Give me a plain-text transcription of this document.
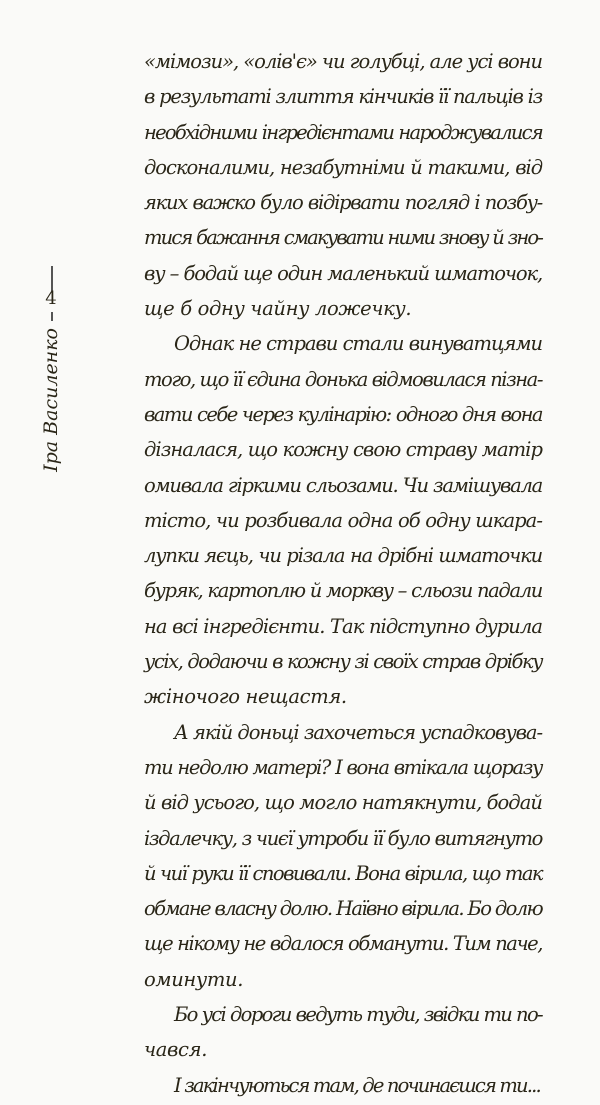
4
Іра Василенко
«мімози», «олів'є» чи голубці, але усі вони
в результаті злиття кінчиків її пальців із
необхідними інгредієнтами народжувалися
досконалими, незабутніми й такими, від
яких важко було відірвати погляд і позбу-
тися бажання смакувати ними знову й зно-
ву – бодай ще один маленький шматочок,
ще б одну чайну ложечку.
Однак не страви стали винуватцями
того, що її єдина донька відмовилася пізна-
вати себе через кулінарію: одного дня вона
дізналася, що кожну свою страву матір
омивала гіркими сльозами. Чи замішувала
тісто, чи розбивала одна об одну шкара-
лупки яєць, чи різала на дрібні шматочки
буряк, картоплю й моркву – сльози падали
на всі інгредієнти. Так підступно дурила
усіх, додаючи в кожну зі своїх страв дрібку
жіночого нещастя.
А якій доньці захочеться успадковува-
ти недолю матері? І вона втікала щоразу
й від усього, що могло натякнути, бодай
іздалечку, з чиєї утроби її було витягнуто
й чиї руки її сповивали. Вона вірила, що так
обмане власну долю. Наївно вірила. Бо долю
ще нікому не вдалося обманути. Тим паче,
оминути.
Бо усі дороги ведуть туди, звідки ти по-
чався.
І закінчуються там, де починаєшся ти...
